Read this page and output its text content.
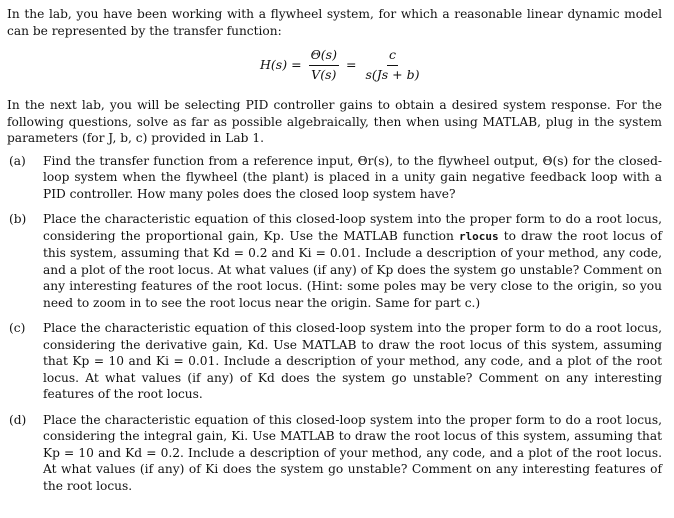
In the lab, you have been working with a flywheel system, for which a reasonable linear dynamic model can be represented by the transfer function:

$H(s) = \frac{\Theta(s)}{V(s)} = \frac{c}{s(Js + b)}$

In the next lab, you will be selecting PID controller gains to obtain a desired system response. For the following questions, solve as far as possible algebraically, then when using MATLAB, plug in the system parameters (for J, b, c) provided in Lab 1.

(a)	Find the transfer function from a reference input, Θr(s), to the flywheel output, Θ(s) for the closed-loop system when the flywheel (the plant) is placed in a unity gain negative feedback loop with a PID controller. How many poles does the closed loop system have?

(b)	Place the characteristic equation of this closed-loop system into the proper form to do a root locus, considering the proportional gain, Kp. Use the MATLAB function rlocus to draw the root locus of this system, assuming that Kd = 0.2 and Ki = 0.01. Include a description of your method, any code, and a plot of the root locus. At what values (if any) of Kp does the system go unstable? Comment on any interesting features of the root locus. (Hint: some poles may be very close to the origin, so you need to zoom in to see the root locus near the origin. Same for part c.)

(c)	Place the characteristic equation of this closed-loop system into the proper form to do a root locus, considering the derivative gain, Kd. Use MATLAB to draw the root locus of this system, assuming that Kp = 10 and Ki = 0.01. Include a description of your method, any code, and a plot of the root locus. At what values (if any) of Kd does the system go unstable? Comment on any interesting features of the root locus.

(d)	Place the characteristic equation of this closed-loop system into the proper form to do a root locus, considering the integral gain, Ki. Use MATLAB to draw the root locus of this system, assuming that Kp = 10 and Kd = 0.2. Include a description of your method, any code, and a plot of the root locus. At what values (if any) of Ki does the system go unstable? Comment on any interesting features of the root locus.
